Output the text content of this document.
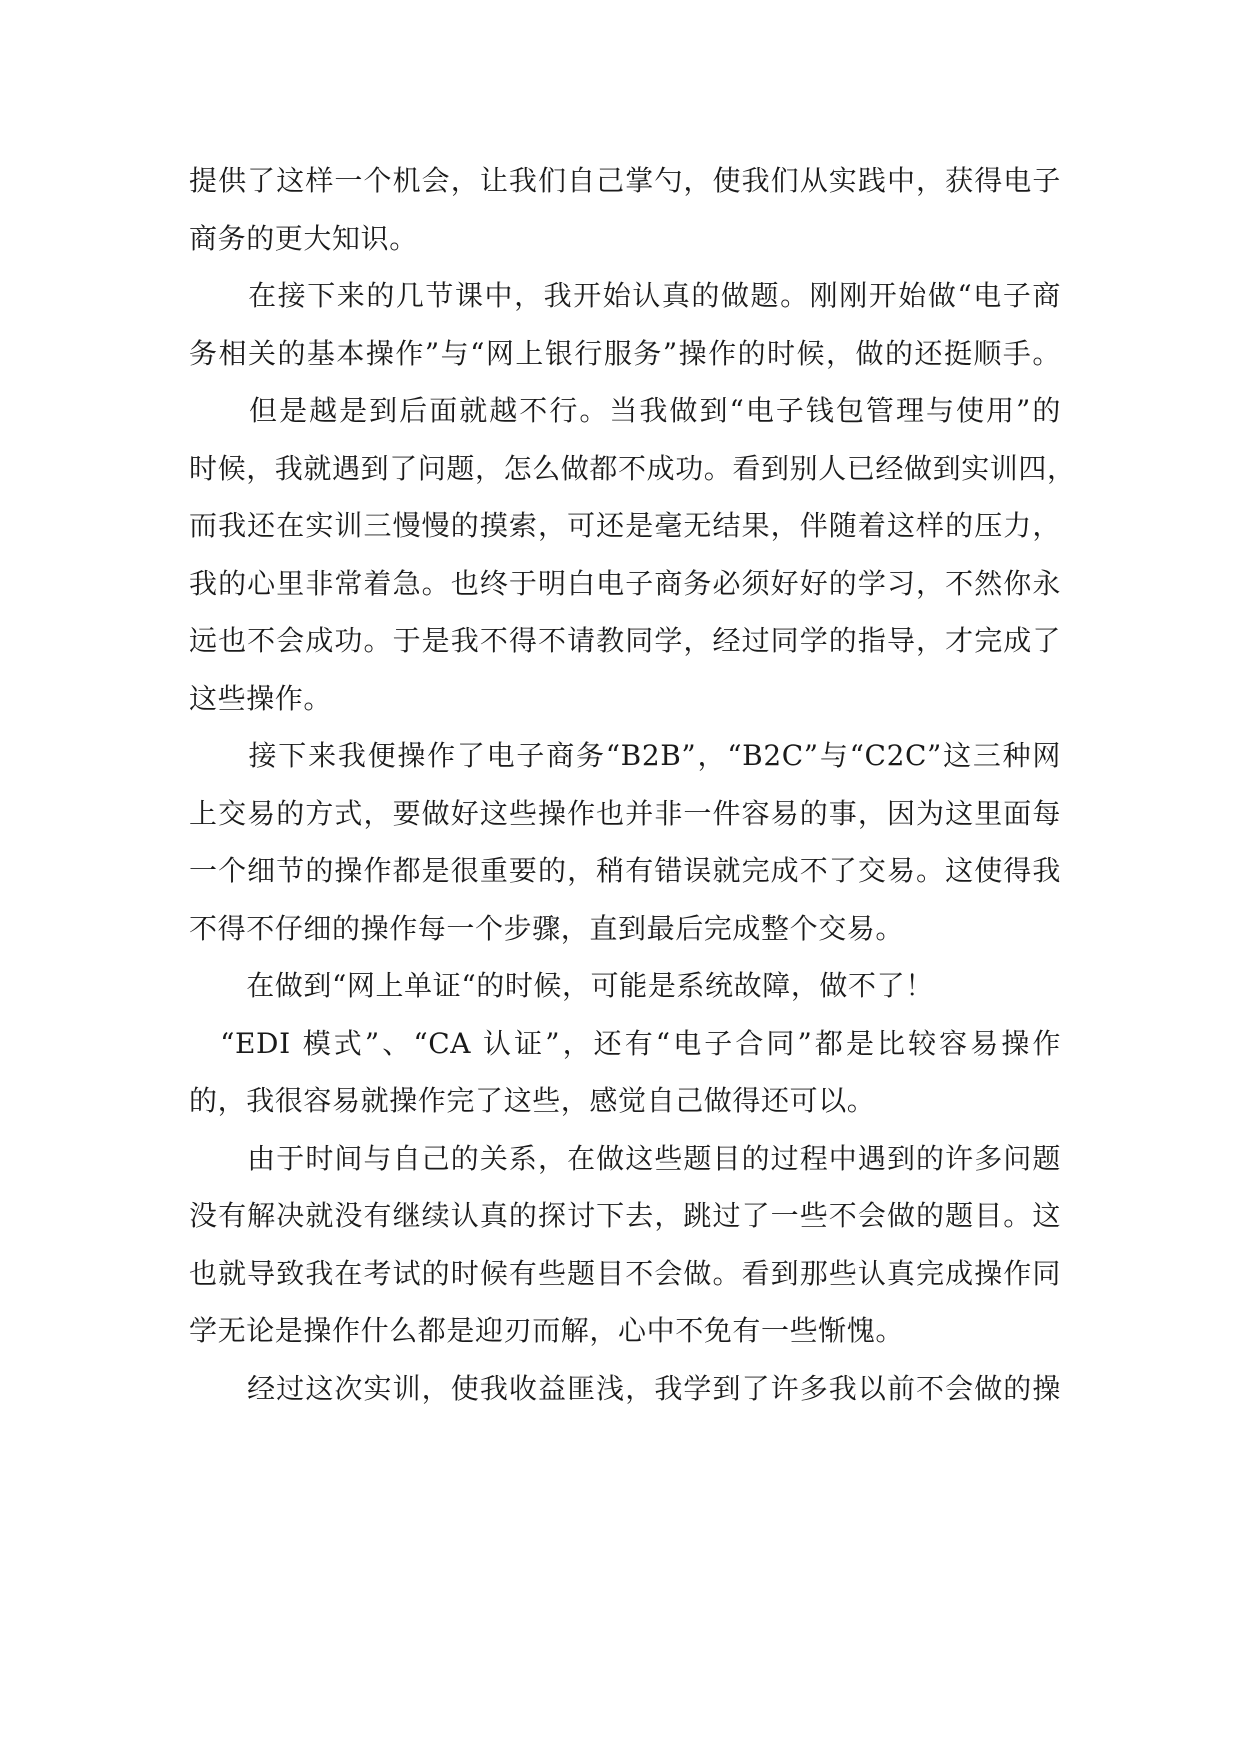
提供了这样一个机会，让我们自己掌勺，使我们从实践中，获得电子
商务的更大知识。
　　在接下来的几节课中，我开始认真的做题。刚刚开始做“电子商
务相关的基本操作”与“网上银行服务”操作的时候，做的还挺顺手。
　　但是越是到后面就越不行。当我做到“电子钱包管理与使用”的
时候，我就遇到了问题，怎么做都不成功。看到别人已经做到实训四，
而我还在实训三慢慢的摸索，可还是毫无结果，伴随着这样的压力，
我的心里非常着急。也终于明白电子商务必须好好的学习，不然你永
远也不会成功。于是我不得不请教同学，经过同学的指导，才完成了
这些操作。
　　接下来我便操作了电子商务“B2B”，“B2C”与“C2C”这三种网
上交易的方式，要做好这些操作也并非一件容易的事，因为这里面每
一个细节的操作都是很重要的，稍有错误就完成不了交易。这使得我
不得不仔细的操作每一个步骤，直到最后完成整个交易。
　　在做到“网上单证“的时候，可能是系统故障，做不了！
　“EDI 模式”、“CA 认证”，还有“电子合同”都是比较容易操作
的，我很容易就操作完了这些，感觉自己做得还可以。
　　由于时间与自己的关系，在做这些题目的过程中遇到的许多问题
没有解决就没有继续认真的探讨下去，跳过了一些不会做的题目。这
也就导致我在考试的时候有些题目不会做。看到那些认真完成操作同
学无论是操作什么都是迎刃而解，心中不免有一些惭愧。
　　经过这次实训，使我收益匪浅，我学到了许多我以前不会做的操
